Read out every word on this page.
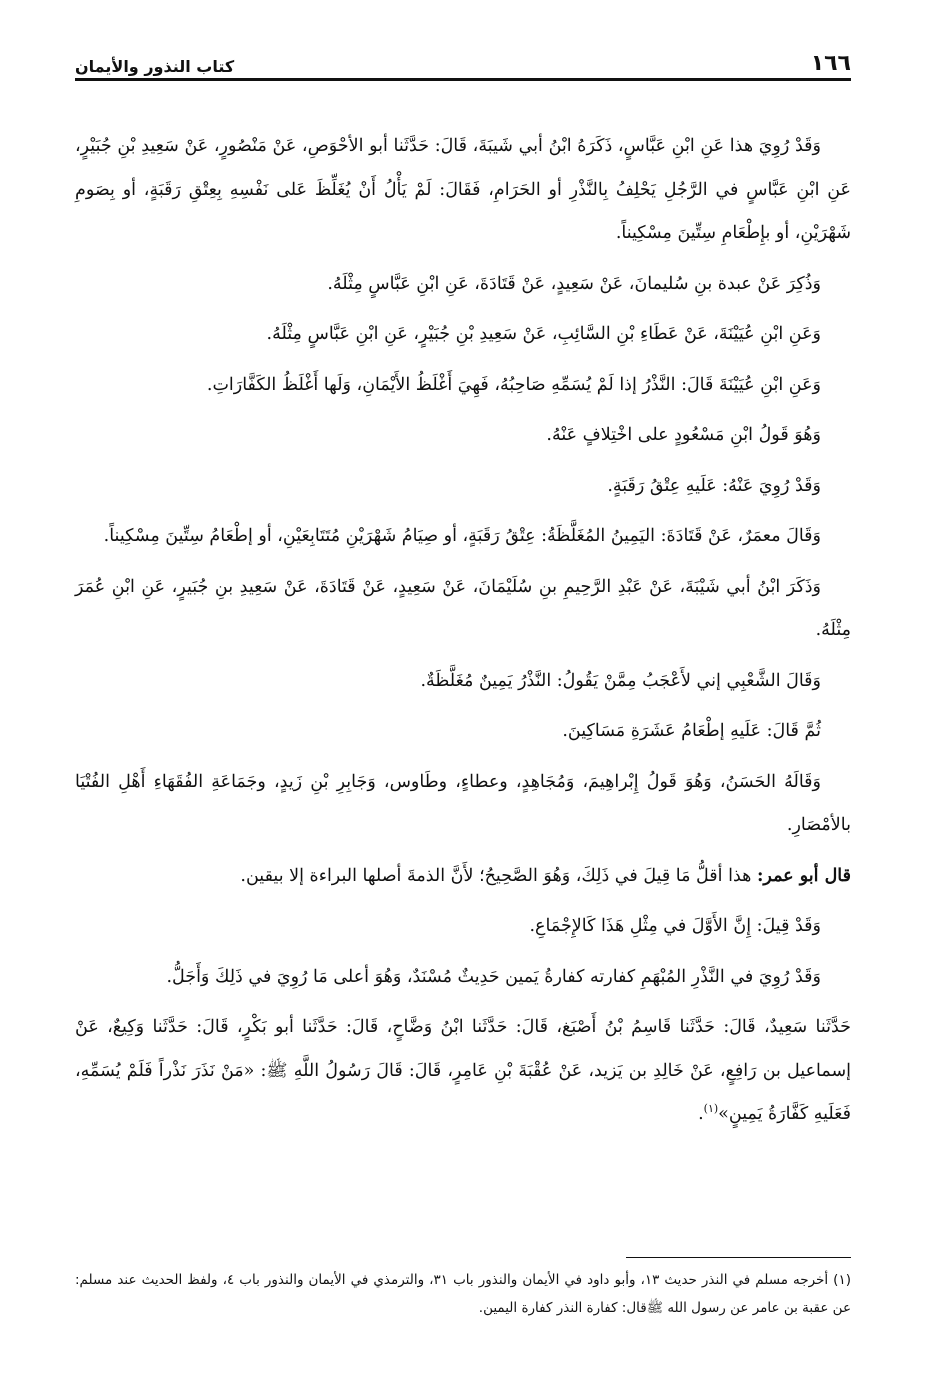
١٦٦
كتاب النذور والأيمان

وَقَدْ رُوِيَ هذا عَنِ ابْنِ عَبَّاسٍ، ذَكَرَهُ ابْنُ أبي شَيبَةَ، قَالَ: حَدَّثَنا أبو الأحْوَصِ، عَنْ مَنْصُورٍ، عَنْ سَعِيدِ بْنِ جُبَيْرٍ، عَنِ ابْنِ عَبَّاسٍ في الرَّجُلِ يَحْلِفُ بِالنَّذْرِ أو الحَرَامِ، فَقَالَ: لَمْ يَأْلُ أَنْ يُغَلِّظَ عَلى نَفْسِهِ بِعِتْقِ رَقَبَةٍ، أو بِصَومِ شَهْرَيْنِ، أو بإِطْعَامِ سِتِّينَ مِسْكِيناً.

وَذُكِرَ عَنْ عبدة بنِ سُليمانَ، عَنْ سَعِيدٍ، عَنْ قَتَادَةَ، عَنِ ابْنِ عَبَّاسٍ مِثْلَهُ.

وَعَنِ ابْنِ عُيَيْنَةَ، عَنْ عَطَاءِ بْنِ السَّائِبِ، عَنْ سَعِيدِ بْنِ جُبَيْرٍ، عَنِ ابْنِ عَبَّاسٍ مِثْلَهُ.

وَعَنِ ابْنِ عُيَيْنَةَ قَالَ: النَّذْرُ إذا لَمْ يُسَمِّهِ صَاحِبُهُ، فَهِيَ أَغْلَظُ الأَيْمَانِ، وَلَها أَغْلَظُ الكَفَّارَاتِ.

وَهُوَ قَولُ ابْنِ مَسْعُودٍ على اخْتِلافٍ عَنْهُ.

وَقَدْ رُوِيَ عَنْهُ: عَلَيهِ عِتْقُ رَقَبَةٍ.

وَقَالَ معمَرٌ، عَنْ قَتَادَةَ: اليَمِينُ المُغَلَّظَةُ: عِتْقُ رَقَبَةٍ، أو صِيَامُ شَهْرَيْنِ مُتَتَابِعَيْنِ، أو إطْعَامُ سِتِّينَ مِسْكِيناً.

وَذَكَرَ ابْنُ أبي شَيْبَةَ، عَنْ عَبْدِ الرَّحِيمِ بنِ سُلَيْمَانَ، عَنْ سَعِيدٍ، عَنْ قَتَادَةَ، عَنْ سَعِيدِ بنِ جُبَيرٍ، عَنِ ابْنِ عُمَرَ مِثْلَهُ.

وَقَالَ الشَّعْبِي إني لأَعْجَبُ مِمَّنْ يَقُولُ: النَّذْرُ يَمِينٌ مُغَلَّظَةٌ.

ثُمَّ قَالَ: عَلَيهِ إطْعَامُ عَشَرَةِ مَسَاكِينَ.

وَقَالَهُ الحَسَنُ، وَهُوَ قَولُ إِبْراهِيمَ، وَمُجَاهِدٍ، وعطاءٍ، وطَاوس، وَجَابِرِ بْنِ زَيدٍ، وجَمَاعَةِ الفُقَهَاءِ أَهْلِ الفُتْيَا بالأمْصَارِ.

قال أبو عمر: هذا أقلُّ مَا قِيلَ في ذَلِكَ، وَهُوَ الصَّحِيحُ؛ لأَنَّ الذمةَ أصلها البراءة إلا بيقين.

وَقَدْ قِيلَ: إِنَّ الأَوَّلَ في مِثْلِ هَذَا كَالإِجْمَاعِ.

وَقَدْ رُوِيَ في النَّذْرِ المُبْهَمِ كفارته كفارةُ يَمين حَدِيثٌ مُسْنَدٌ، وَهُوَ أعلى مَا رُوِيَ في ذَلِكَ وَأَجَلُّ.

حَدَّثَنا سَعِيدٌ، قَالَ: حَدَّثَنا قَاسِمُ بْنُ أَصْبَغ، قَالَ: حَدَّثَنا ابْنُ وَضَّاحٍ، قَالَ: حَدَّثَنا أبو بَكْرٍ، قَالَ: حَدَّثَنا وَكِيعٌ، عَنْ إسماعيل بن رَافِعٍ، عَنْ خَالِدِ بن يَزيد، عَنْ عُقْبَةَ بْنِ عَامِرٍ، قَالَ: قَالَ رَسُولُ اللَّهِ ﷺ: «مَنْ نَذَرَ نَذْراً فَلَمْ يُسَمِّهِ، فَعَلَيهِ كَفَّارَةُ يَمِينٍ»$^{(١)}$.

(١) أخرجه مسلم في النذر حديث ١٣، وأبو داود في الأيمان والنذور باب ٣١، والترمذي في الأيمان والنذور باب ٤، ولفظ الحديث عند مسلم: عن عقبة بن عامر عن رسول الله ﷺقال: كفارة النذر كفارة اليمين.
